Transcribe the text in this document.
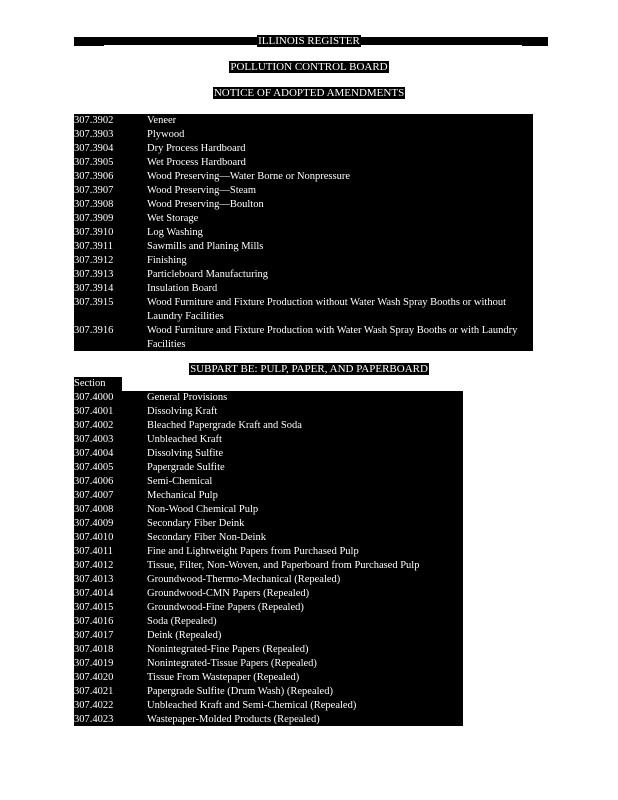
ILLINOIS REGISTER
POLLUTION CONTROL BOARD
NOTICE OF ADOPTED AMENDMENTS
307.3902	Veneer
307.3903	Plywood
307.3904	Dry Process Hardboard
307.3905	Wet Process Hardboard
307.3906	Wood Preserving—Water Borne or Nonpressure
307.3907	Wood Preserving—Steam
307.3908	Wood Preserving—Boulton
307.3909	Wet Storage
307.3910	Log Washing
307.3911	Sawmills and Planing Mills
307.3912	Finishing
307.3913	Particleboard Manufacturing
307.3914	Insulation Board
307.3915	Wood Furniture and Fixture Production without Water Wash Spray Booths or without Laundry Facilities
307.3916	Wood Furniture and Fixture Production with Water Wash Spray Booths or with Laundry Facilities
SUBPART BE: PULP, PAPER, AND PAPERBOARD
Section
307.4000	General Provisions
307.4001	Dissolving Kraft
307.4002	Bleached Papergrade Kraft and Soda
307.4003	Unbleached Kraft
307.4004	Dissolving Sulfite
307.4005	Papergrade Sulfite
307.4006	Semi-Chemical
307.4007	Mechanical Pulp
307.4008	Non-Wood Chemical Pulp
307.4009	Secondary Fiber Deink
307.4010	Secondary Fiber Non-Deink
307.4011	Fine and Lightweight Papers from Purchased Pulp
307.4012	Tissue, Filter, Non-Woven, and Paperboard from Purchased Pulp
307.4013	Groundwood-Thermo-Mechanical (Repealed)
307.4014	Groundwood-CMN Papers (Repealed)
307.4015	Groundwood-Fine Papers (Repealed)
307.4016	Soda (Repealed)
307.4017	Deink (Repealed)
307.4018	Nonintegrated-Fine Papers (Repealed)
307.4019	Nonintegrated-Tissue Papers (Repealed)
307.4020	Tissue From Wastepaper (Repealed)
307.4021	Papergrade Sulfite (Drum Wash) (Repealed)
307.4022	Unbleached Kraft and Semi-Chemical (Repealed)
307.4023	Wastepaper-Molded Products (Repealed)
